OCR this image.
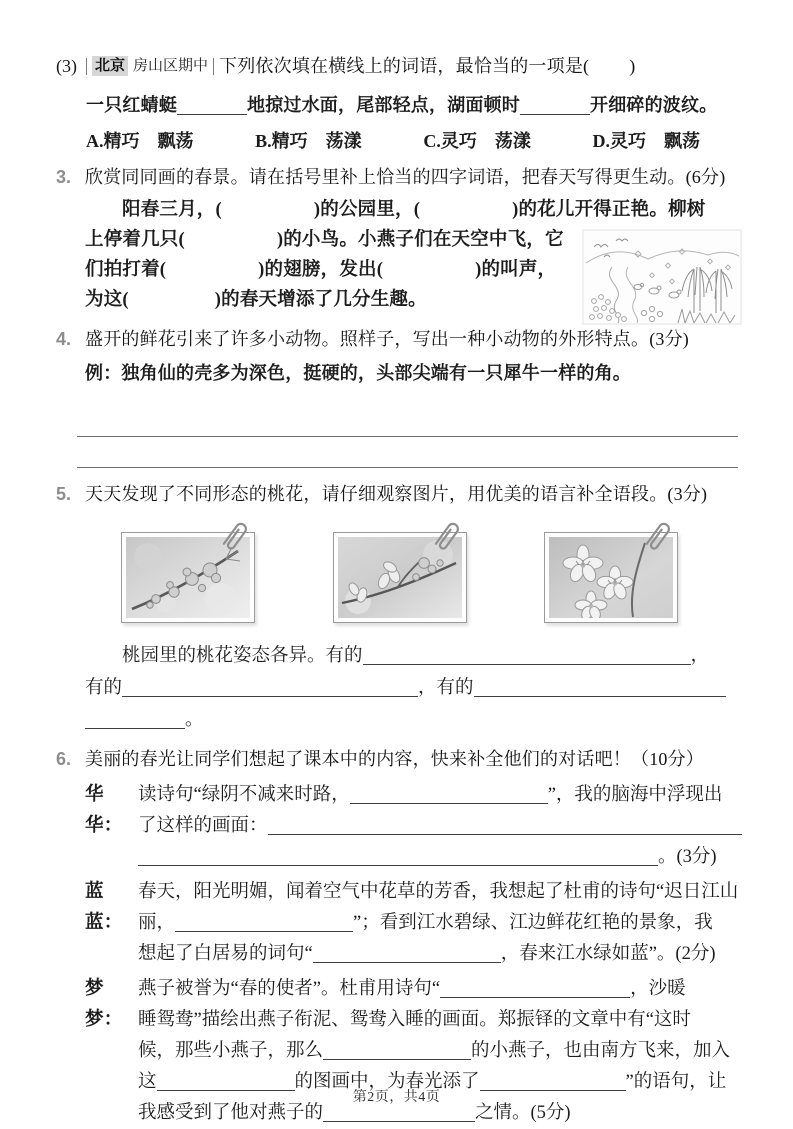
(3) 北京 房山区期中 下列依次填在横线上的词语，最恰当的一项是( )
一只红蜻蜓	地掠过水面，尾部轻点，湖面顿时	开细碎的波纹。
A.精巧　飘荡	B.精巧　荡漾	C.灵巧　荡漾	D.灵巧　飘荡
3. 欣赏同同画的春景。请在括号里补上恰当的四字词语，把春天写得更生动。(6分)
阳春三月，(	)的公园里，(	)的花儿开得正艳。柳树
上停着几只(	)的小鸟。小燕子们在天空中飞，它
们拍打着(	)的翅膀，发出(	)的叫声，
为这(	)的春天增添了几分生趣。
4. 盛开的鲜花引来了许多小动物。照样子，写出一种小动物的外形特点。(3分)
例：独角仙的壳多为深色，挺硬的，头部尖端有一只犀牛一样的角。
5. 天天发现了不同形态的桃花，请仔细观察图片，用优美的语言补全语段。(3分)
桃园里的桃花姿态各异。有的	，
有的	，有的
。
6. 美丽的春光让同学们想起了课本中的内容，快来补全他们的对话吧！（10分）
华华：
读诗句“绿阴不减来时路，	”，我的脑海中浮现出
了这样的画面：
。(3分)
蓝蓝：
春天，阳光明媚，闻着空气中花草的芳香，我想起了杜甫的诗句“迟日江山
丽，	”；看到江水碧绿、江边鲜花红艳的景象，我
想起了白居易的词句“	，春来江水绿如蓝”。(2分)
梦梦：
燕子被誉为“春的使者”。杜甫用诗句“	，沙暖
睡鸳鸯”描绘出燕子衔泥、鸳鸯入睡的画面。郑振铎的文章中有“这时
候，那些小燕子，那么	的小燕子，也由南方飞来，加入
这	的图画中，为春光添了	”的语句，让
我感受到了他对燕子的	之情。(5分)
第2页，共4页
